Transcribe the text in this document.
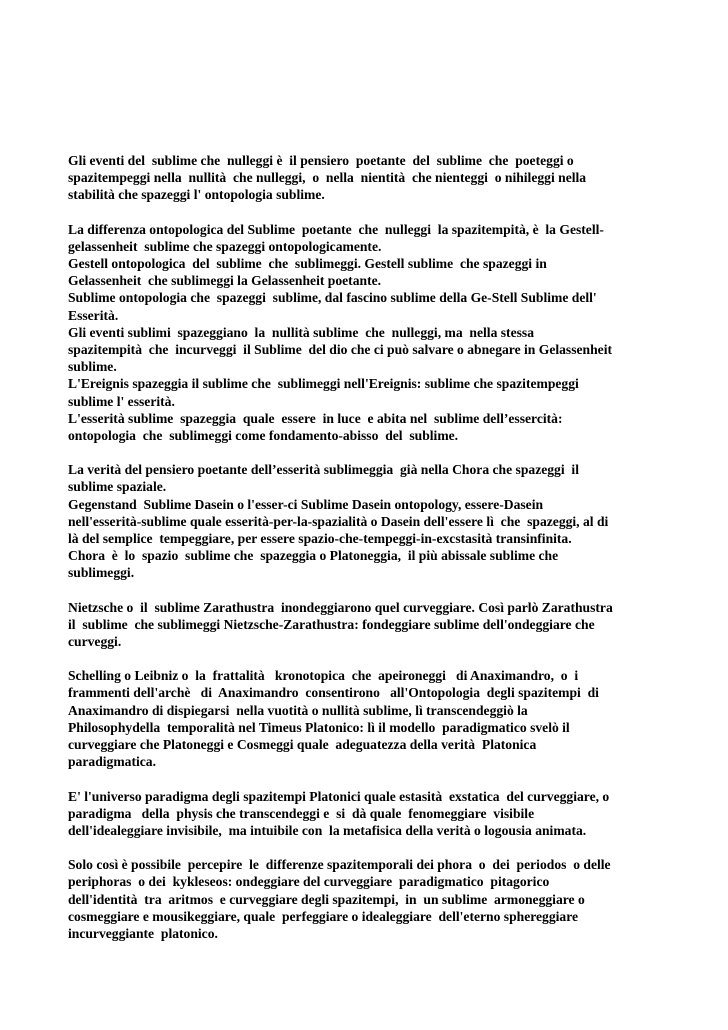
Gli eventi del  sublime che  nulleggi è  il pensiero  poetante  del  sublime  che  poeteggi o
spazitempeggi nella  nullità  che nulleggi,  o  nella  nientità  che nienteggi  o nihileggi nella
stabilità che spazeggi l' ontopologia sublime.

La differenza ontopologica del Sublime  poetante  che  nulleggi  la spazitempità, è  la Gestell-
gelassenheit  sublime che spazeggi ontopologicamente.
Gestell ontopologica  del  sublime  che  sublimeggi. Gestell sublime  che spazeggi in
Gelassenheit  che sublimeggi la Gelassenheit poetante.
Sublime ontopologia che  spazeggi  sublime, dal fascino sublime della Ge-Stell Sublime dell'
Esserità.
Gli eventi sublimi  spazeggiano  la  nullità sublime  che  nulleggi, ma  nella stessa
spazitempità  che  incurveggi  il Sublime  del dio che ci può salvare o abnegare in Gelassenheit
sublime.
L'Ereignis spazeggia il sublime che  sublimeggi nell'Ereignis: sublime che spazitempeggi
sublime l' esserità.
L'esserità sublime  spazeggia  quale  essere  in luce  e abita nel  sublime dell’essercità:
ontopologia  che  sublimeggi come fondamento-abisso  del  sublime.

La verità del pensiero poetante dell’esserità sublimeggia  già nella Chora che spazeggi  il
sublime spaziale.
Gegenstand  Sublime Dasein o l'esser-ci Sublime Dasein ontopology, essere-Dasein
nell'esserità-sublime quale esserità-per-la-spazialità o Dasein dell'essere lì  che  spazeggi, al di
là del semplice  tempeggiare, per essere spazio-che-tempeggi-in-excstasità transinfinita.
Chora  è  lo  spazio  sublime che  spazeggia o Platoneggia,  il più abissale sublime che
sublimeggi.

Nietzsche o  il  sublime Zarathustra  inondeggiarono quel curveggiare. Così parlò Zarathustra
il  sublime  che sublimeggi Nietzsche-Zarathustra: fondeggiare sublime dell'ondeggiare che
curveggi.

Schelling o Leibniz o  la  frattalità   kronotopica  che  apeironeggi   di Anaximandro,  o  i
frammenti dell'archè   di  Anaximandro  consentirono   all'Ontopologia  degli spazitempi  di
Anaximandro di dispiegarsi  nella vuotità o nullità sublime, lì transcendeggiò la
Philosophydella  temporalità nel Timeus Platonico: lì il modello  paradigmatico svelò il
curveggiare che Platoneggi e Cosmeggi quale  adeguatezza della verità  Platonica
paradigmatica.

E' l'universo paradigma degli spazitempi Platonici quale estasità  exstatica  del curveggiare, o
paradigma   della  physis che transcendeggi e  si  dà quale  fenomeggiare  visibile
dell'idealeggiare invisibile,  ma intuibile con  la metafisica della verità o logousia animata.

Solo così è possibile  percepire  le  differenze spazitemporali dei phora  o  dei  periodos  o delle
periphoras  o dei  kykleseos: ondeggiare del curveggiare  paradigmatico  pitagorico
dell'identità  tra  aritmos  e curveggiare degli spazitempi,  in  un sublime  armoneggiare o
cosmeggiare e mousikeggiare, quale  perfeggiare o idealeggiare  dell'eterno sphereggiare
incurveggiante  platonico.
